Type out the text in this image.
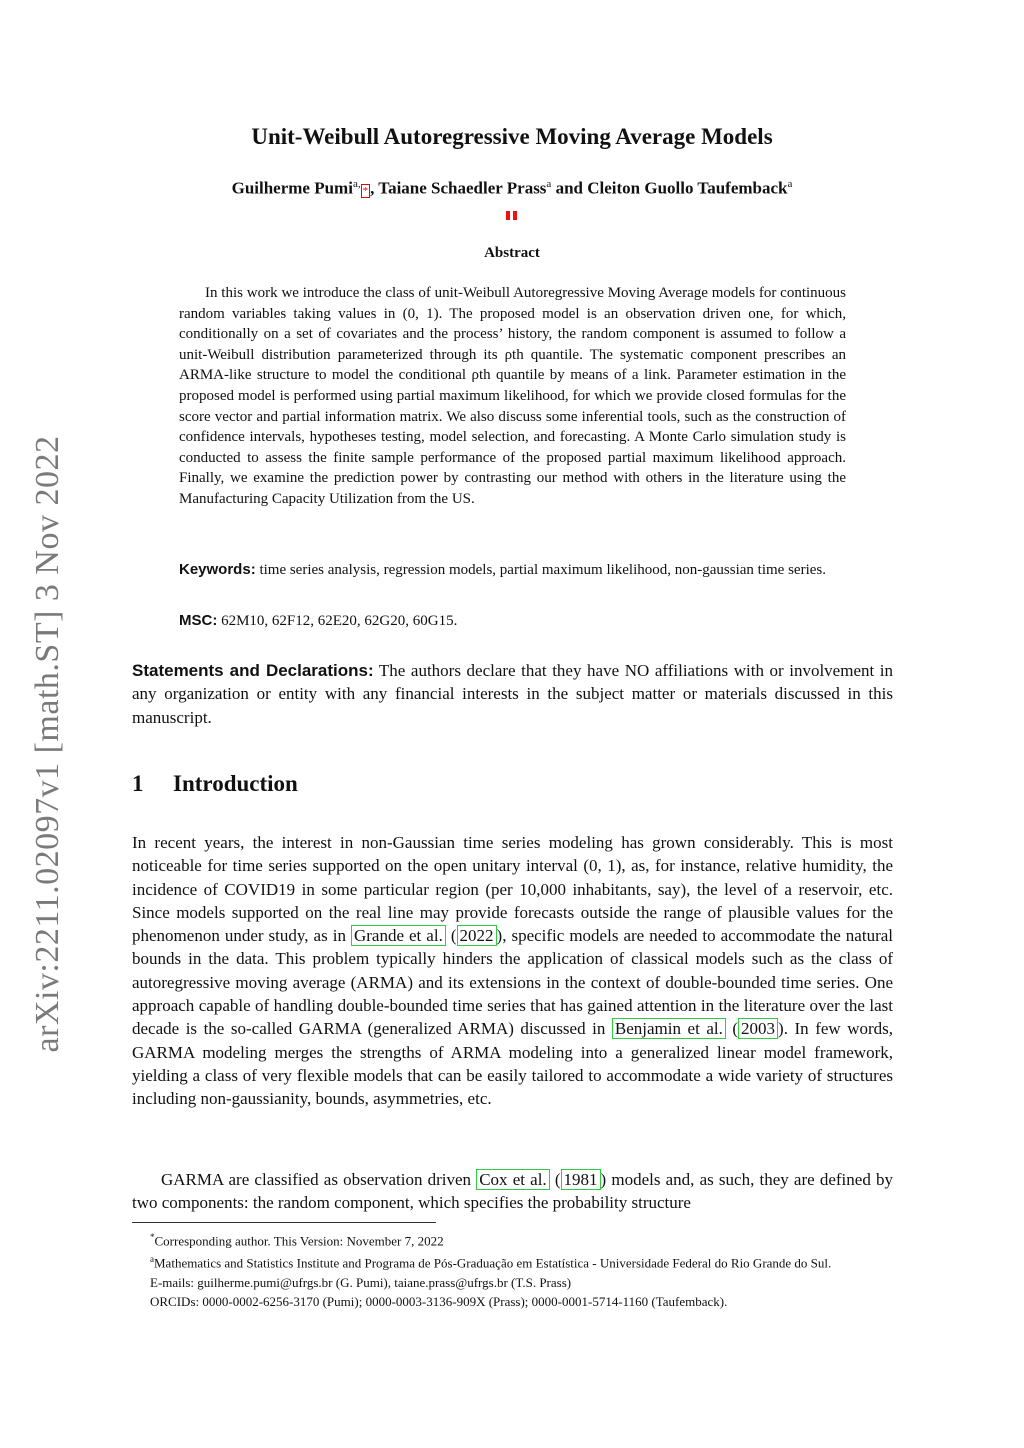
arXiv:2211.02097v1 [math.ST] 3 Nov 2022
Unit-Weibull Autoregressive Moving Average Models
Guilherme Pumi$^{a,}$* , Taiane Schaedler Prass$^a$ and Cleiton Guollo Taufemback$^a$
Abstract

In this work we introduce the class of unit-Weibull Autoregressive Moving Average models for continuous random variables taking values in (0, 1). The proposed model is an observation driven one, for which, conditionally on a set of covariates and the process’ history, the random component is assumed to follow a unit-Weibull distribution parameterized through its ρth quantile. The systematic component prescribes an ARMA-like structure to model the conditional ρth quantile by means of a link. Parameter estimation in the proposed model is performed using partial maximum likelihood, for which we provide closed formulas for the score vector and partial information matrix. We also discuss some inferential tools, such as the construction of confidence intervals, hypotheses testing, model selection, and forecasting. A Monte Carlo simulation study is conducted to assess the finite sample performance of the proposed partial maximum likelihood approach. Finally, we examine the prediction power by contrasting our method with others in the literature using the Manufacturing Capacity Utilization from the US.

Keywords: time series analysis, regression models, partial maximum likelihood, non-gaussian time series.

MSC: 62M10, 62F12, 62E20, 62G20, 60G15.

Statements and Declarations: The authors declare that they have NO affiliations with or involvement in any organization or entity with any financial interests in the subject matter or materials discussed in this manuscript.

1 Introduction

In recent years, the interest in non-Gaussian time series modeling has grown considerably. This is most noticeable for time series supported on the open unitary interval (0, 1), as, for instance, relative humidity, the incidence of COVID19 in some particular region (per 10,000 inhabitants, say), the level of a reservoir, etc. Since models supported on the real line may provide forecasts outside the range of plausible values for the phenomenon under study, as in Grande et al. ( 2022 ), specific models are needed to accommodate the natural bounds in the data. This problem typically hinders the application of classical models such as the class of autoregressive moving average (ARMA) and its extensions in the context of double-bounded time series. One approach capable of handling double-bounded time series that has gained attention in the literature over the last decade is the so-called GARMA (generalized ARMA) discussed in Benjamin et al. ( 2003 ). In few words, GARMA modeling merges the strengths of ARMA modeling into a generalized linear model framework, yielding a class of very flexible models that can be easily tailored to accommodate a wide variety of structures including non-gaussianity, bounds, asymmetries, etc.

GARMA are classified as observation driven Cox et al. ( 1981 ) models and, as such, they are defined by two components: the random component, which specifies the probability structure

*Corresponding author. This Version: November 7, 2022

$^a$Mathematics and Statistics Institute and Programa de Pós-Graduação em Estatística - Universidade Federal do Rio Grande do Sul.

E-mails: guilherme.pumi@ufrgs.br (G. Pumi), taiane.prass@ufrgs.br (T.S. Prass)

ORCIDs: 0000-0002-6256-3170 (Pumi); 0000-0003-3136-909X (Prass); 0000-0001-5714-1160 (Taufemback).
